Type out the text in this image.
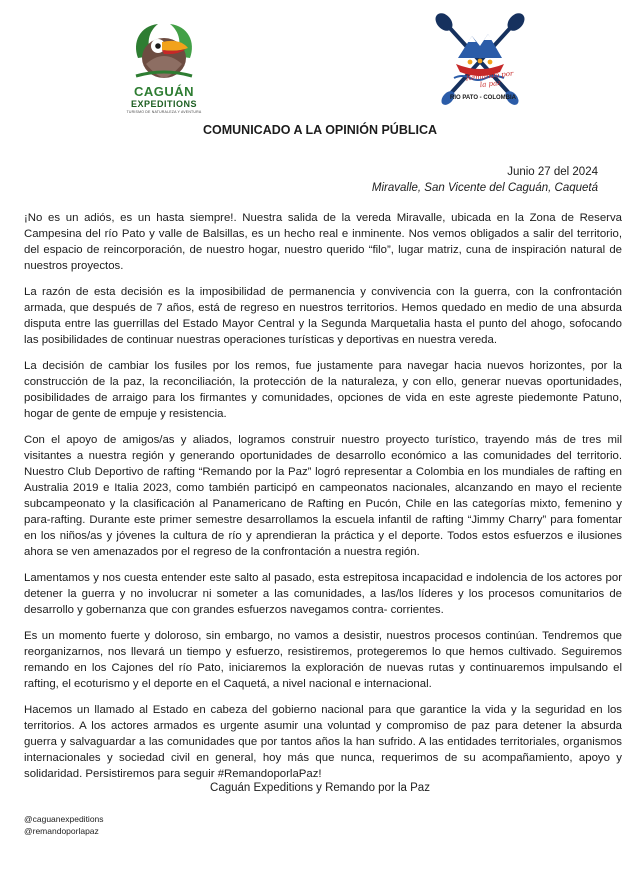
CAGUÁN
EXPEDITIONS
TURISMO DE NATURALEZA Y AVENTURA
Remando por la paz
RIO PATO - COLOMBIA
COMUNICADO A LA OPINIÓN PÚBLICA
Junio 27 del 2024
Miravalle, San Vicente del Caguán, Caquetá

¡No es un adiós, es un hasta siempre!. Nuestra salida de la vereda Miravalle, ubicada en la Zona de Reserva Campesina del río Pato y valle de Balsillas, es un hecho real e inminente. Nos vemos obligados a salir del territorio, del espacio de reincorporación, de nuestro hogar, nuestro querido “filo”, lugar matriz, cuna de inspiración natural de nuestros proyectos.

La razón de esta decisión es la imposibilidad de permanencia y convivencia con la guerra, con la confrontación armada, que después de 7 años, está de regreso en nuestros territorios. Hemos quedado en medio de una absurda disputa entre las guerrillas del Estado Mayor Central y la Segunda Marquetalia hasta el punto del ahogo, sofocando las posibilidades de continuar nuestras operaciones turísticas y deportivas en nuestra vereda.

La decisión de cambiar los fusiles por los remos, fue justamente para navegar hacia nuevos horizontes, por la construcción de la paz, la reconciliación, la protección de la naturaleza, y con ello, generar nuevas oportunidades, posibilidades de arraigo para los firmantes y comunidades, opciones de vida en este agreste piedemonte Patuno, hogar de gente de empuje y resistencia.

Con el apoyo de amigos/as y aliados, logramos construir nuestro proyecto turístico, trayendo más de tres mil visitantes a nuestra región y generando oportunidades de desarrollo económico a las comunidades del territorio. Nuestro Club Deportivo de rafting “Remando por la Paz” logró representar a Colombia en los mundiales de rafting en Australia 2019 e Italia 2023, como también participó en campeonatos nacionales, alcanzando en mayo el reciente subcampeonato y la clasificación al Panamericano de Rafting en Pucón, Chile en las categorías mixto, femenino y para-rafting. Durante este primer semestre desarrollamos la escuela infantil de rafting “Jimmy Charry” para fomentar en los niños/as y jóvenes la cultura de río y aprendieran la práctica y el deporte. Todos estos esfuerzos e ilusiones ahora se ven amenazados por el regreso de la confrontación a nuestra región.

Lamentamos y nos cuesta entender este salto al pasado, esta estrepitosa incapacidad e indolencia de los actores por detener la guerra y no involucrar ni someter a las comunidades, a las/los líderes y los procesos comunitarios de desarrollo y gobernanza que con grandes esfuerzos navegamos contra- corrientes.

Es un momento fuerte y doloroso, sin embargo, no vamos a desistir, nuestros procesos continúan. Tendremos que reorganizarnos, nos llevará un tiempo y esfuerzo, resistiremos, protegeremos lo que hemos cultivado. Seguiremos remando en los Cajones del río Pato, iniciaremos la exploración de nuevas rutas y continuaremos impulsando el rafting, el ecoturismo y el deporte en el Caquetá, a nivel nacional e internacional.

Hacemos un llamado al Estado en cabeza del gobierno nacional para que garantice la vida y la seguridad en los territorios. A los actores armados es urgente asumir una voluntad y compromiso de paz para detener la absurda guerra y salvaguardar a las comunidades que por tantos años la han sufrido. A las entidades territoriales, organismos internacionales y sociedad civil en general, hoy más que nunca, requerimos de su acompañamiento, apoyo y solidaridad. Persistiremos para seguir #RemandoporlaPaz!

Caguán Expeditions y Remando por la Paz
@caguanexpeditions
@remandoporlapaz
